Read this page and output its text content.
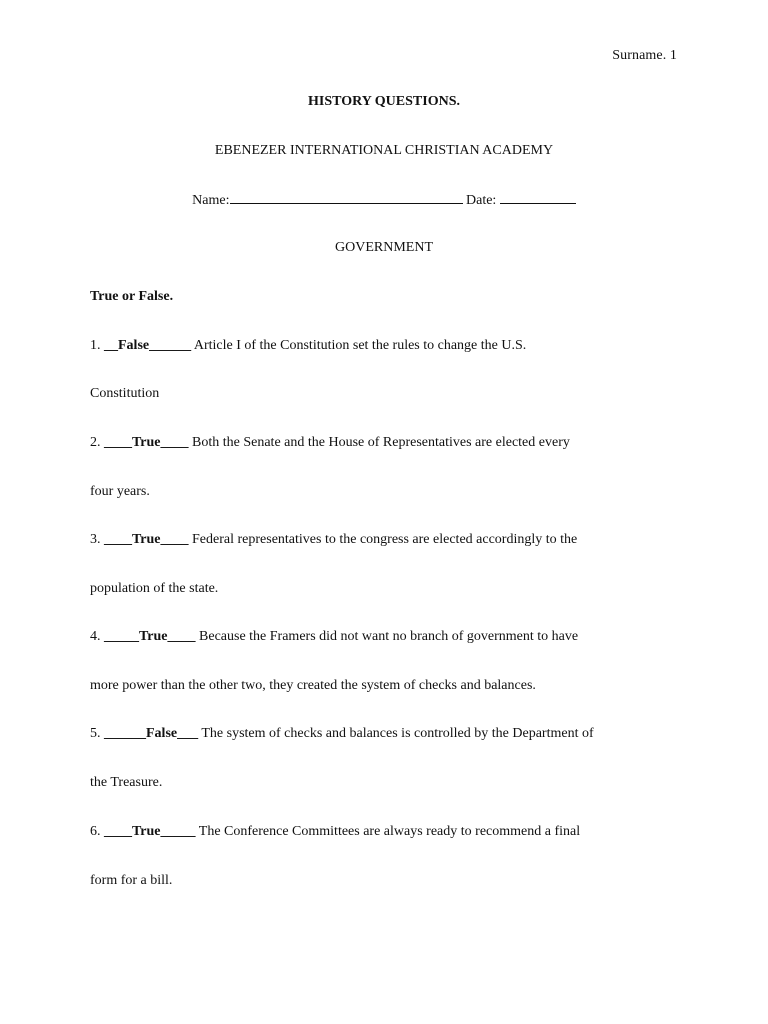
Surname. 1
HISTORY QUESTIONS.
EBENEZER INTERNATIONAL CHRISTIAN ACADEMY
Name:	Date:
GOVERNMENT
True or False.
1. __False______ Article I of the Constitution set the rules to change the U.S.
Constitution
2. ____True____ Both the Senate and the House of Representatives are elected every
four years.
3. ____True____ Federal representatives to the congress are elected accordingly to the
population of the state.
4. _____True____ Because the Framers did not want no branch of government to have
more power than the other two, they created the system of checks and balances.
5. ______False___ The system of checks and balances is controlled by the Department of
the Treasure.
6. ____True_____ The Conference Committees are always ready to recommend a final
form for a bill.
